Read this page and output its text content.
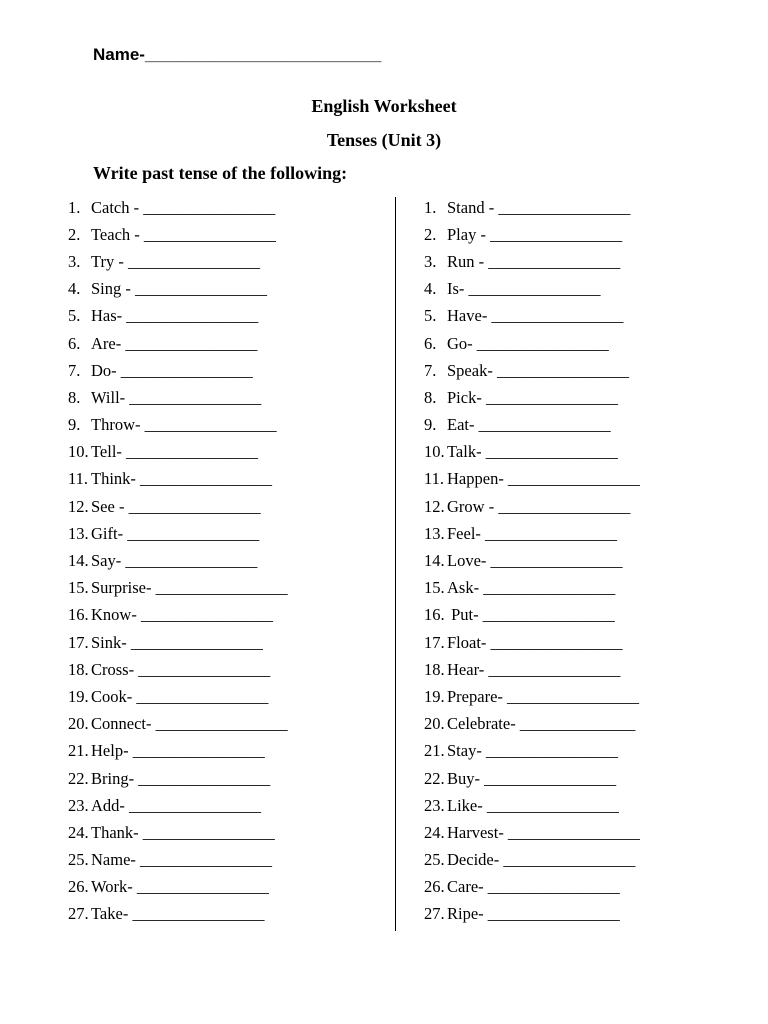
Name-_________________________
English Worksheet
Tenses (Unit 3)
Write past tense of the following:
1. Catch - ________________
2. Teach - ________________
3. Try - ________________
4. Sing - ________________
5. Has- ________________
6. Are- ________________
7. Do- ________________
8. Will- ________________
9. Throw- ________________
10. Tell- ________________
11. Think- ________________
12. See - ________________
13. Gift- ________________
14. Say- ________________
15. Surprise- ________________
16. Know- ________________
17. Sink- ________________
18. Cross- ________________
19. Cook- ________________
20. Connect- ________________
21. Help- ________________
22. Bring- ________________
23. Add- ________________
24. Thank- ________________
25. Name- ________________
26. Work- ________________
27. Take- ________________
1. Stand - ________________
2. Play - ________________
3. Run - ________________
4. Is- ________________
5. Have- ________________
6. Go- ________________
7. Speak- ________________
8. Pick- ________________
9. Eat- ________________
10. Talk- ________________
11. Happen- ________________
12. Grow - ________________
13. Feel- ________________
14. Love- ________________
15. Ask- ________________
16. Put- ________________
17. Float- ________________
18. Hear- ________________
19. Prepare- ________________
20. Celebrate- ______________
21. Stay- ________________
22. Buy- ________________
23. Like- ________________
24. Harvest- ________________
25. Decide- ________________
26. Care- ________________
27. Ripe- ________________
